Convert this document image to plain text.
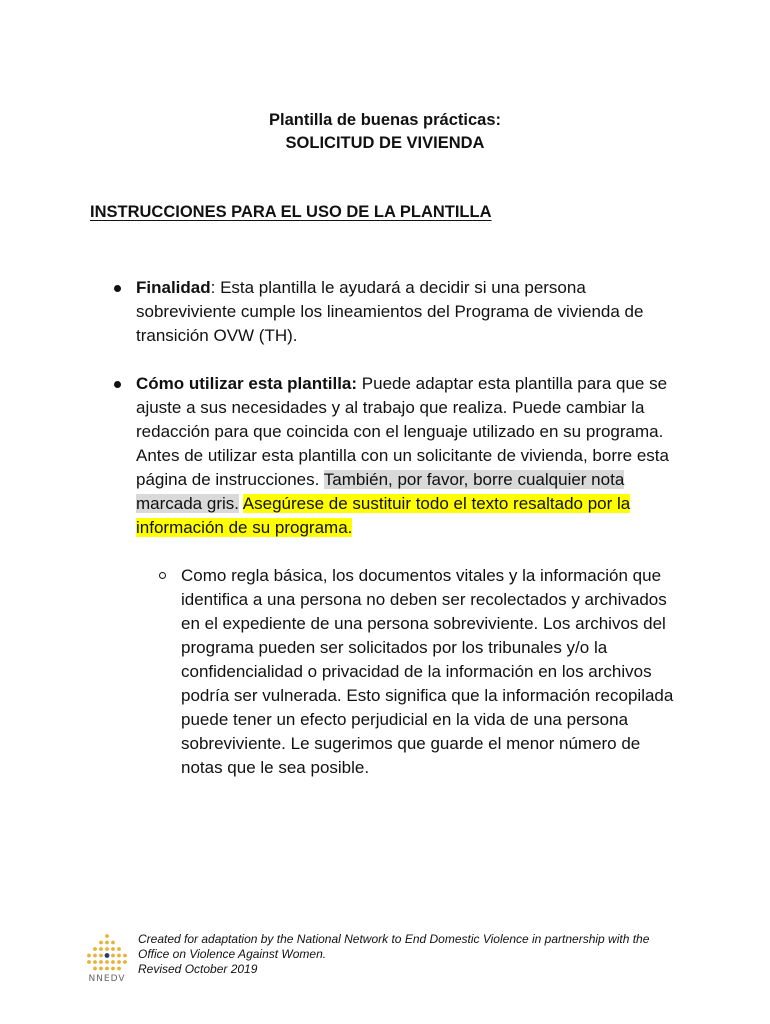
Plantilla de buenas prácticas:
SOLICITUD DE VIVIENDA
INSTRUCCIONES PARA EL USO DE LA PLANTILLA
Finalidad: Esta plantilla le ayudará a decidir si una persona sobreviviente cumple los lineamientos del Programa de vivienda de transición OVW (TH).
Cómo utilizar esta plantilla: Puede adaptar esta plantilla para que se ajuste a sus necesidades y al trabajo que realiza. Puede cambiar la redacción para que coincida con el lenguaje utilizado en su programa. Antes de utilizar esta plantilla con un solicitante de vivienda, borre esta página de instrucciones. También, por favor, borre cualquier nota marcada gris. Asegúrese de sustituir todo el texto resaltado por la información de su programa.
Como regla básica, los documentos vitales y la información que identifica a una persona no deben ser recolectados y archivados en el expediente de una persona sobreviviente. Los archivos del programa pueden ser solicitados por los tribunales y/o la confidencialidad o privacidad de la información en los archivos podría ser vulnerada. Esto significa que la información recopilada puede tener un efecto perjudicial en la vida de una persona sobreviviente. Le sugerimos que guarde el menor número de notas que le sea posible.
NNEDV
Created for adaptation by the National Network to End Domestic Violence in partnership with the
Office on Violence Against Women.
Revised October 2019
